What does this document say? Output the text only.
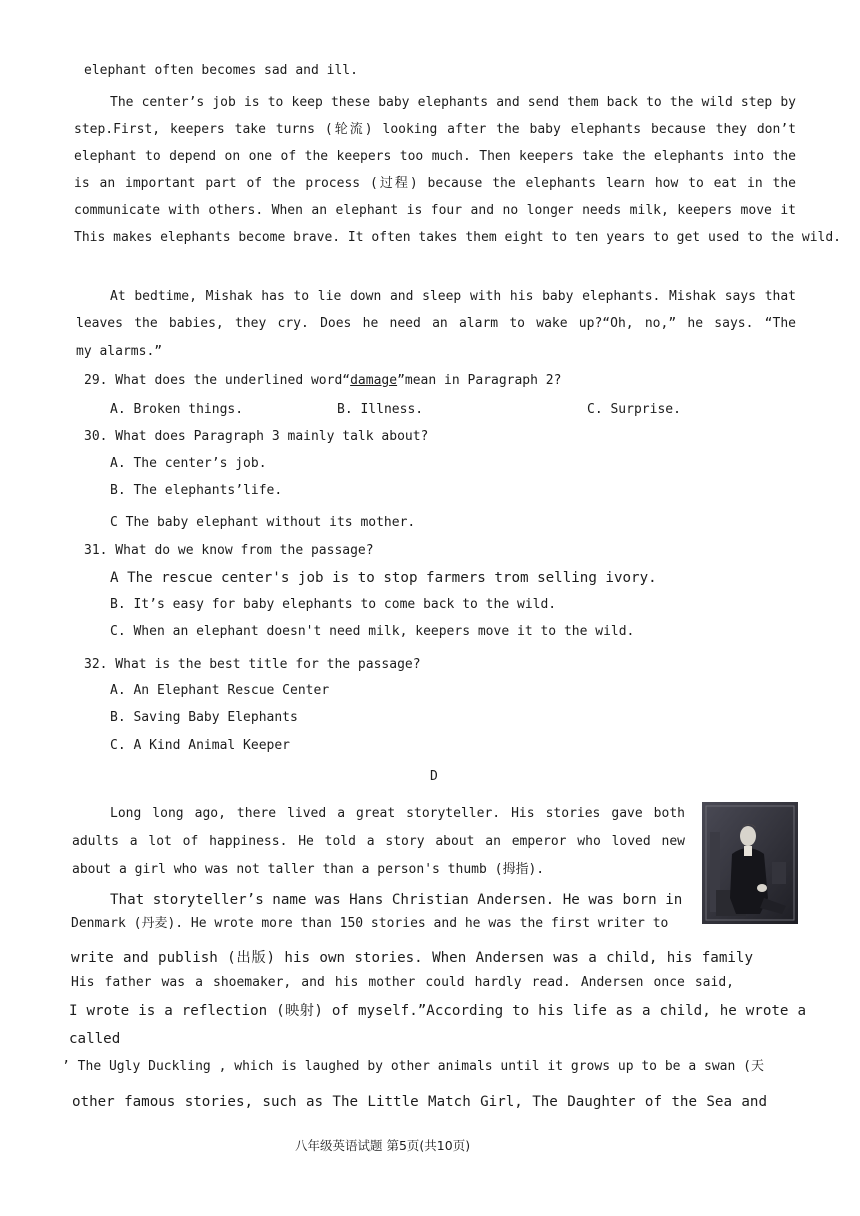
elephant often becomes sad and ill.
The center’s job is to keep these baby elephants and send them back to the wild step by
step.First, keepers take turns (轮流) looking after the baby elephants because they don’t
elephant to depend on one of the keepers too much. Then keepers take the elephants into the
is an important part of the process (过程) because the elephants learn how to eat in the
communicate with others. When an elephant is four and no longer needs milk, keepers move it
This makes elephants become brave. It often takes them eight to ten years to get used to the wild.
At bedtime, Mishak has to lie down and sleep with his baby elephants. Mishak says that
leaves the babies, they cry. Does he need an alarm to wake up?“Oh, no,” he says. “The
my alarms.”
29. What does the underlined word“damage”mean in Paragraph 2?
A. Broken things.	B. Illness.	C. Surprise.
30. What does Paragraph 3 mainly talk about?
A. The center’s job.
B. The elephants’life.
C The baby elephant without its mother.
31. What do we know from the passage?
A The rescue center's job is to stop farmers trom selling ivory.
B. It’s easy for baby elephants to come back to the wild.
C. When an elephant doesn't need milk, keepers move it to the wild.
32. What is the best title for the passage?
A. An Elephant Rescue Center
B. Saving Baby Elephants
C. A Kind Animal Keeper
D
Long long ago, there lived a great storyteller. His stories gave both
adults a lot of happiness. He told a story about an emperor who loved new
about a girl who was not taller than a person's thumb (拇指).
That storyteller’s name was Hans Christian Andersen. He was born in
Denmark (丹麦). He wrote more than 150 stories and he was the first writer to
write and publish (出版) his own stories. When Andersen was a child, his family
His father was a shoemaker, and his mother could hardly read. Andersen once said,
I wrote is a reflection (映射) of myself.”According to his life as a child, he wrote a
called
’ The Ugly Duckling , which is laughed by other animals until it grows up to be a swan (天
other famous stories, such as The Little Match Girl, The Daughter of the Sea and
八年级英语试题 第5页(共10页)
